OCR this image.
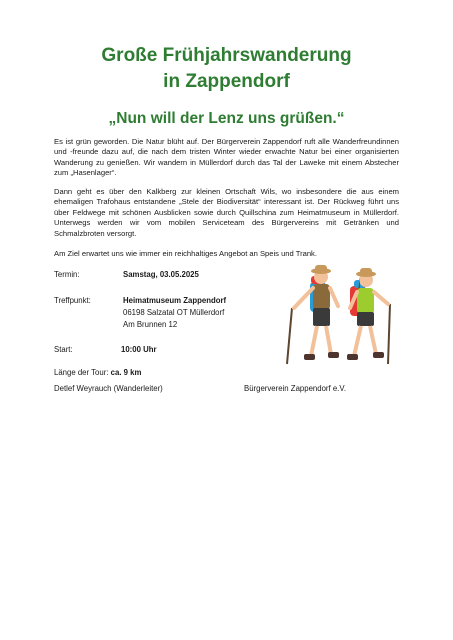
Große Frühjahrswanderung
in Zappendorf
„Nun will der Lenz uns grüßen.“

Es ist grün geworden. Die Natur blüht auf. Der Bürgerverein Zappendorf ruft alle Wanderfreundinnen und -freunde dazu auf, die nach dem tristen Winter wieder erwachte Natur bei einer organisierten Wanderung zu genießen. Wir wandern in Müllerdorf durch das Tal der Laweke mit einem Abstecher zum „Hasenlager“.

Dann geht es über den Kalkberg zur kleinen Ortschaft Wils, wo insbesondere die aus einem ehemaligen Trafohaus entstandene „Stele der Biodiversität“ interessant ist. Der Rückweg führt uns über Feldwege mit schönen Ausblicken sowie durch Quillschina zum Heimatmuseum in Müllerdorf. Unterwegs werden wir vom mobilen Serviceteam des Bürgervereins mit Getränken und Schmalzbroten versorgt.

Am Ziel erwartet uns wie immer ein reichhaltiges Angebot an Speis und Trank.

Termin:	Samstag, 03.05.2025
Treffpunkt:	Heimatmuseum Zappendorf
06198 Salzatal OT Müllerdorf
Am Brunnen 12
Start:	10:00 Uhr
Länge der Tour: ca. 9 km
Detlef Weyrauch (Wanderleiter)	Bürgerverein Zappendorf e.V.
